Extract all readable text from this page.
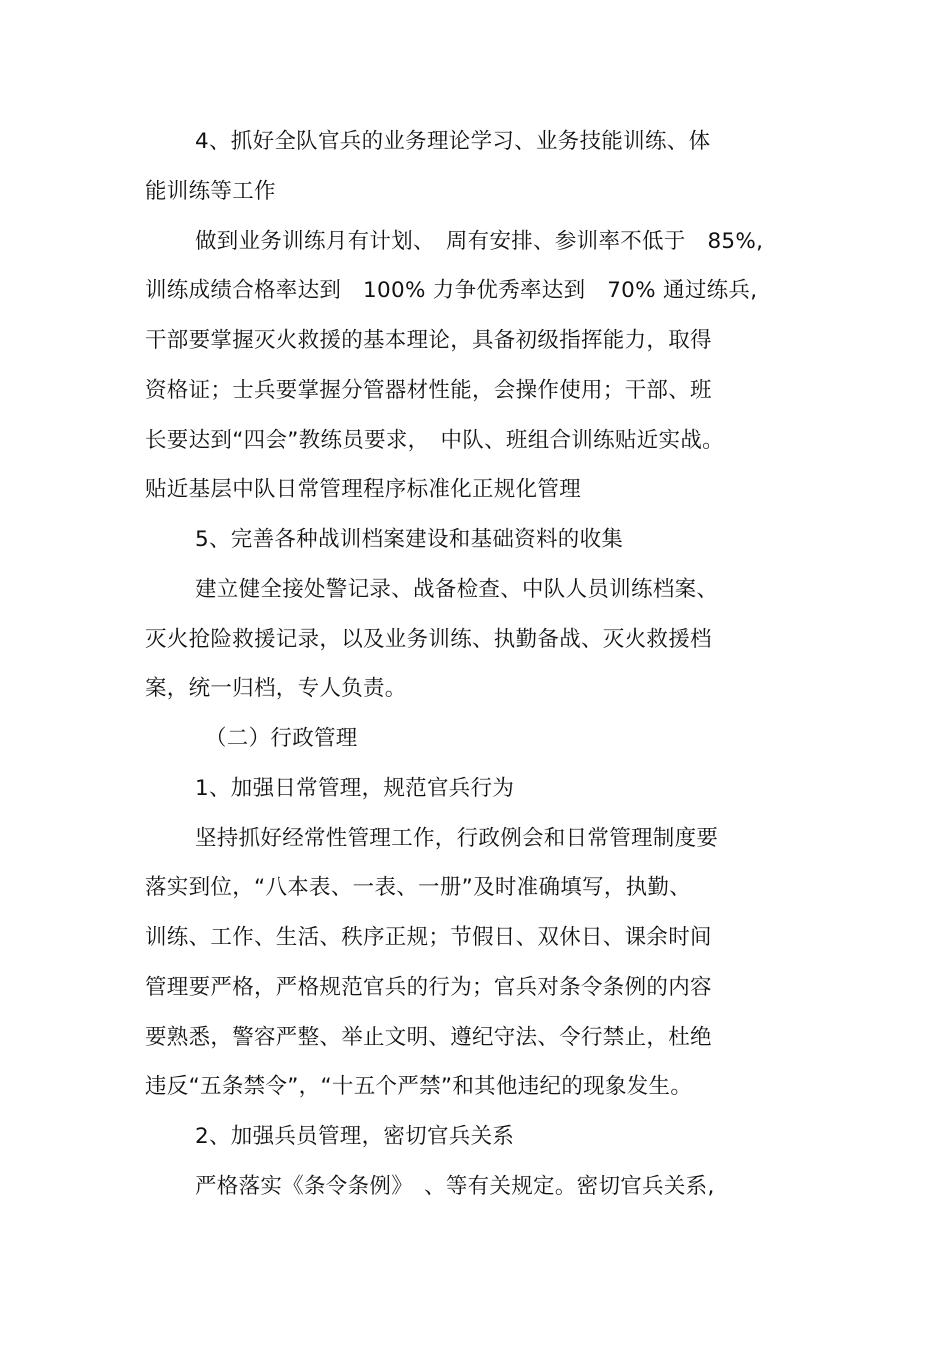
4、抓好全队官兵的业务理论学习、业务技能训练、体
能训练等工作
做到业务训练月有计划、　周有安排、参训率不低于　85%,
训练成绩合格率达到　100% 力争优秀率达到　70% 通过练兵,
干部要掌握灭火救援的基本理论，具备初级指挥能力，取得
资格证；士兵要掌握分管器材性能，会操作使用；干部、班
长要达到“四会”教练员要求，　中队、班组合训练贴近实战。
贴近基层中队日常管理程序标准化正规化管理
5、完善各种战训档案建设和基础资料的收集
建立健全接处警记录、战备检查、中队人员训练档案、
灭火抢险救援记录，以及业务训练、执勤备战、灭火救援档
案，统一归档，专人负责。
（二）行政管理
1、加强日常管理，规范官兵行为
坚持抓好经常性管理工作，行政例会和日常管理制度要
落实到位，“八本表、一表、一册”及时准确填写，执勤、
训练、工作、生活、秩序正规；节假日、双休日、课余时间
管理要严格，严格规范官兵的行为；官兵对条令条例的内容
要熟悉，警容严整、举止文明、遵纪守法、令行禁止，杜绝
违反“五条禁令”，“十五个严禁”和其他违纪的现象发生。
2、加强兵员管理，密切官兵关系
严格落实《条令条例》　、等有关规定。密切官兵关系,
